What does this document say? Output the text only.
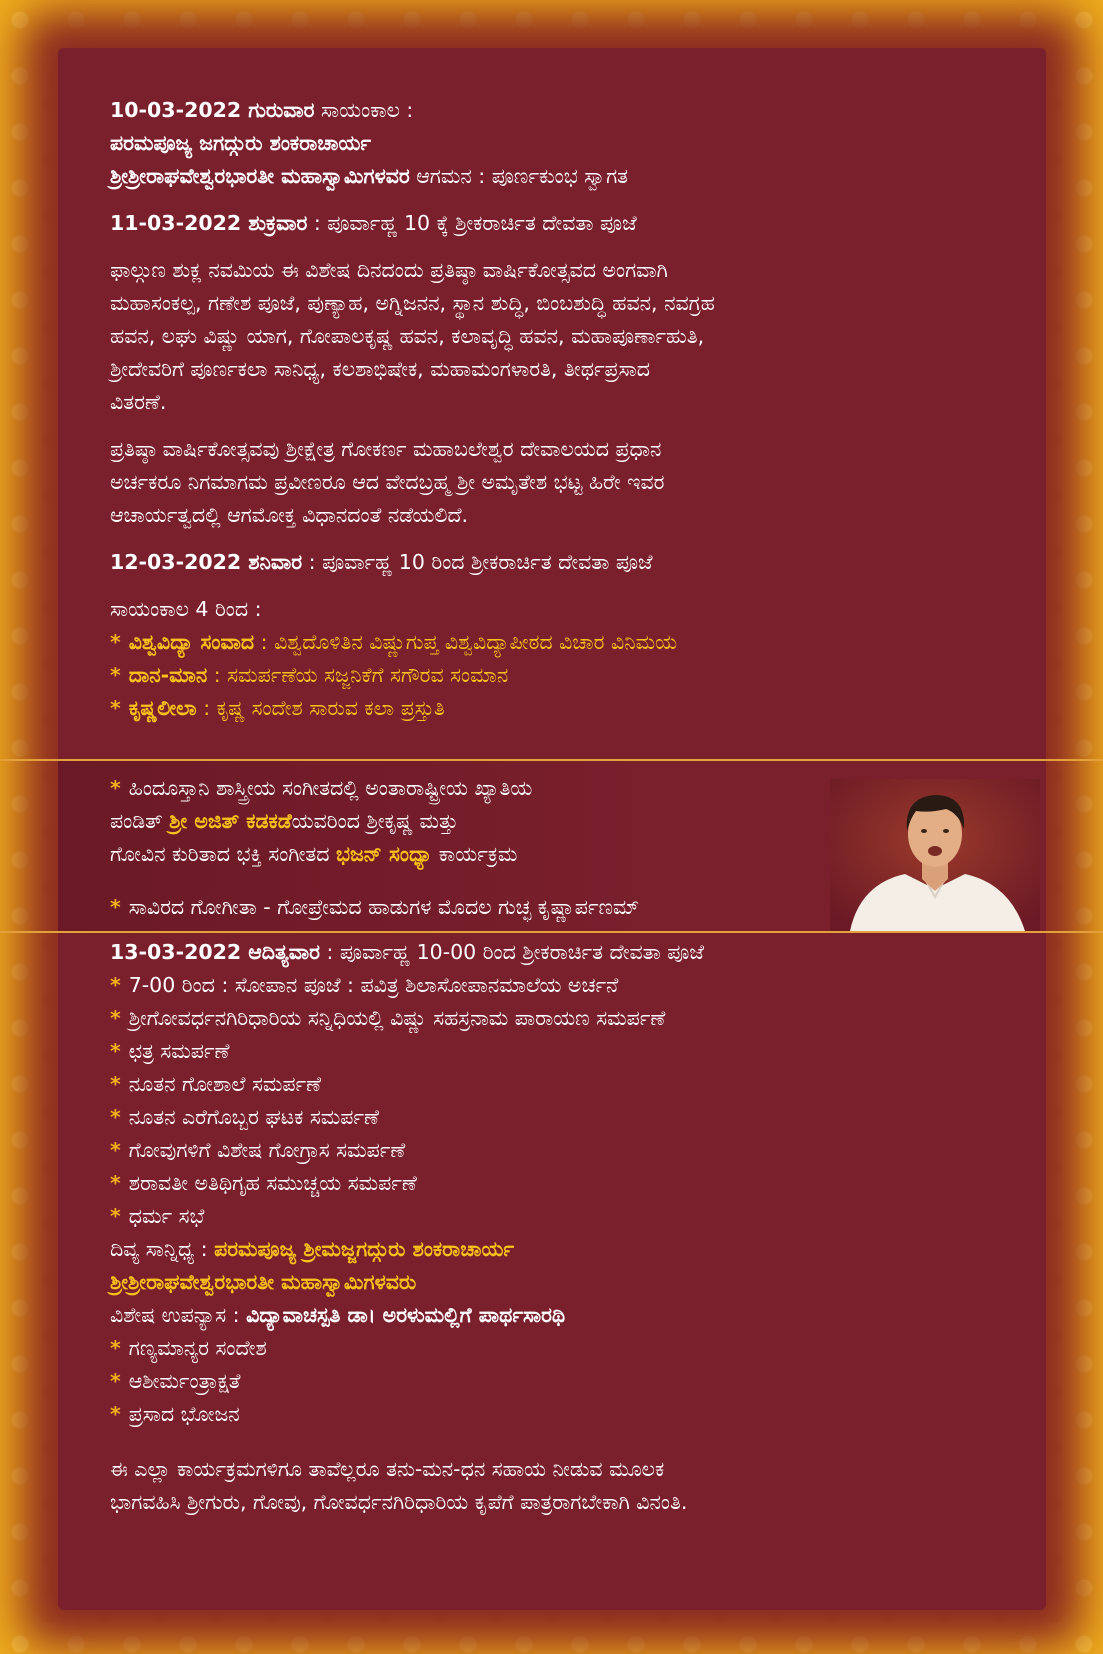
10-03-2022 ಗುರುವಾರ ಸಾಯಂಕಾಲ :
ಪರಮಪೂಜ್ಯ ಜಗದ್ಗುರು ಶಂಕರಾಚಾರ್ಯ
ಶ್ರೀಶ್ರೀರಾಘವೇಶ್ವರಭಾರತೀ ಮಹಾಸ್ವಾಮಿಗಳವರ ಆಗಮನ : ಪೂರ್ಣಕುಂಭ ಸ್ವಾಗತ
11-03-2022 ಶುಕ್ರವಾರ : ಪೂರ್ವಾಹ್ಣ 10 ಕ್ಕೆ ಶ್ರೀಕರಾರ್ಚಿತ ದೇವತಾ ಪೂಜೆ
ಫಾಲ್ಗುಣ ಶುಕ್ಲ ನವಮಿಯ ಈ ವಿಶೇಷ ದಿನದಂದು ಪ್ರತಿಷ್ಠಾ ವಾರ್ಷಿಕೋತ್ಸವದ ಅಂಗವಾಗಿ
ಮಹಾಸಂಕಲ್ಪ, ಗಣೇಶ ಪೂಜೆ, ಪುಣ್ಯಾಹ, ಅಗ್ನಿಜನನ, ಸ್ಥಾನ ಶುದ್ಧಿ, ಬಿಂಬಶುದ್ಧಿ ಹವನ, ನವಗ್ರಹ
ಹವನ, ಲಘು ವಿಷ್ಣು ಯಾಗ, ಗೋಪಾಲಕೃಷ್ಣ ಹವನ, ಕಲಾವೃದ್ಧಿ ಹವನ, ಮಹಾಪೂರ್ಣಾಹುತಿ,
ಶ್ರೀದೇವರಿಗೆ ಪೂರ್ಣಕಲಾ ಸಾನಿಧ್ಯ, ಕಲಶಾಭಿಷೇಕ, ಮಹಾಮಂಗಳಾರತಿ, ತೀರ್ಥಪ್ರಸಾದ
ವಿತರಣೆ.
ಪ್ರತಿಷ್ಠಾ ವಾರ್ಷಿಕೋತ್ಸವವು ಶ್ರೀಕ್ಷೇತ್ರ ಗೋಕರ್ಣ ಮಹಾಬಲೇಶ್ವರ ದೇವಾಲಯದ ಪ್ರಧಾನ
ಅರ್ಚಕರೂ ನಿಗಮಾಗಮ ಪ್ರವೀಣರೂ ಆದ ವೇದಬ್ರಹ್ಮ ಶ್ರೀ ಅಮೃತೇಶ ಭಟ್ಟ ಹಿರೇ ಇವರ
ಆಚಾರ್ಯತ್ವದಲ್ಲಿ ಆಗಮೋಕ್ತ ವಿಧಾನದಂತೆ ನಡೆಯಲಿದೆ.
12-03-2022 ಶನಿವಾರ : ಪೂರ್ವಾಹ್ಣ 10 ರಿಂದ ಶ್ರೀಕರಾರ್ಚಿತ ದೇವತಾ ಪೂಜೆ
ಸಾಯಂಕಾಲ 4 ರಿಂದ :
* ವಿಶ್ವವಿದ್ಯಾ ಸಂವಾದ : ವಿಶ್ವದೊಳಿತಿನ ವಿಷ್ಣುಗುಪ್ತ ವಿಶ್ವವಿದ್ಯಾಪೀಠದ ವಿಚಾರ ವಿನಿಮಯ
* ದಾನ-ಮಾನ : ಸಮರ್ಪಣೆಯ ಸಜ್ಜನಿಕೆಗೆ ಸಗೌರವ ಸಂಮಾನ
* ಕೃಷ್ಣಲೀಲಾ : ಕೃಷ್ಣ ಸಂದೇಶ ಸಾರುವ ಕಲಾ ಪ್ರಸ್ತುತಿ
* ಹಿಂದೂಸ್ತಾನಿ ಶಾಸ್ತ್ರೀಯ ಸಂಗೀತದಲ್ಲಿ ಅಂತಾರಾಷ್ಟ್ರೀಯ ಖ್ಯಾತಿಯ
ಪಂಡಿತ್ ಶ್ರೀ ಅಜಿತ್ ಕಡಕಡೆಯವರಿಂದ ಶ್ರೀಕೃಷ್ಣ ಮತ್ತು
ಗೋವಿನ ಕುರಿತಾದ ಭಕ್ತಿ ಸಂಗೀತದ ಭಜನ್ ಸಂಧ್ಯಾ ಕಾರ್ಯಕ್ರಮ
* ಸಾವಿರದ ಗೋಗೀತಾ - ಗೋಪ್ರೇಮದ ಹಾಡುಗಳ ಮೊದಲ ಗುಚ್ಛ ಕೃಷ್ಣಾರ್ಪಣಮ್
13-03-2022 ಆದಿತ್ಯವಾರ : ಪೂರ್ವಾಹ್ಣ 10-00 ರಿಂದ ಶ್ರೀಕರಾರ್ಚಿತ ದೇವತಾ ಪೂಜೆ
* 7-00 ರಿಂದ : ಸೋಪಾನ ಪೂಜೆ : ಪವಿತ್ರ ಶಿಲಾಸೋಪಾನಮಾಲೆಯ ಅರ್ಚನೆ
* ಶ್ರೀಗೋವರ್ಧನಗಿರಿಧಾರಿಯ ಸನ್ನಿಧಿಯಲ್ಲಿ ವಿಷ್ಣು ಸಹಸ್ರನಾಮ ಪಾರಾಯಣ ಸಮರ್ಪಣೆ
* ಛತ್ರ ಸಮರ್ಪಣೆ
* ನೂತನ ಗೋಶಾಲೆ ಸಮರ್ಪಣೆ
* ನೂತನ ಎರೆಗೊಬ್ಬರ ಘಟಕ ಸಮರ್ಪಣೆ
* ಗೋವುಗಳಿಗೆ ವಿಶೇಷ ಗೋಗ್ರಾಸ ಸಮರ್ಪಣೆ
* ಶರಾವತೀ ಅತಿಥಿಗೃಹ ಸಮುಚ್ಚಯ ಸಮರ್ಪಣೆ
* ಧರ್ಮ ಸಭೆ
ದಿವ್ಯ ಸಾನ್ನಿಧ್ಯ : ಪರಮಪೂಜ್ಯ ಶ್ರೀಮಜ್ಜಗದ್ಗುರು ಶಂಕರಾಚಾರ್ಯ
ಶ್ರೀಶ್ರೀರಾಘವೇಶ್ವರಭಾರತೀ ಮಹಾಸ್ವಾಮಿಗಳವರು
ವಿಶೇಷ ಉಪನ್ಯಾಸ : ವಿದ್ಯಾವಾಚಸ್ಪತಿ ಡಾ। ಅರಳುಮಲ್ಲಿಗೆ ಪಾರ್ಥಸಾರಥಿ
* ಗಣ್ಯಮಾನ್ಯರ ಸಂದೇಶ
* ಆಶೀರ್ಮಂತ್ರಾಕ್ಷತೆ
* ಪ್ರಸಾದ ಭೋಜನ
ಈ ಎಲ್ಲಾ ಕಾರ್ಯಕ್ರಮಗಳಿಗೂ ತಾವೆಲ್ಲರೂ ತನು-ಮನ-ಧನ ಸಹಾಯ ನೀಡುವ ಮೂಲಕ
ಭಾಗವಹಿಸಿ ಶ್ರೀಗುರು, ಗೋವು, ಗೋವರ್ಧನಗಿರಿಧಾರಿಯ ಕೃಪೆಗೆ ಪಾತ್ರರಾಗಬೇಕಾಗಿ ವಿನಂತಿ.
